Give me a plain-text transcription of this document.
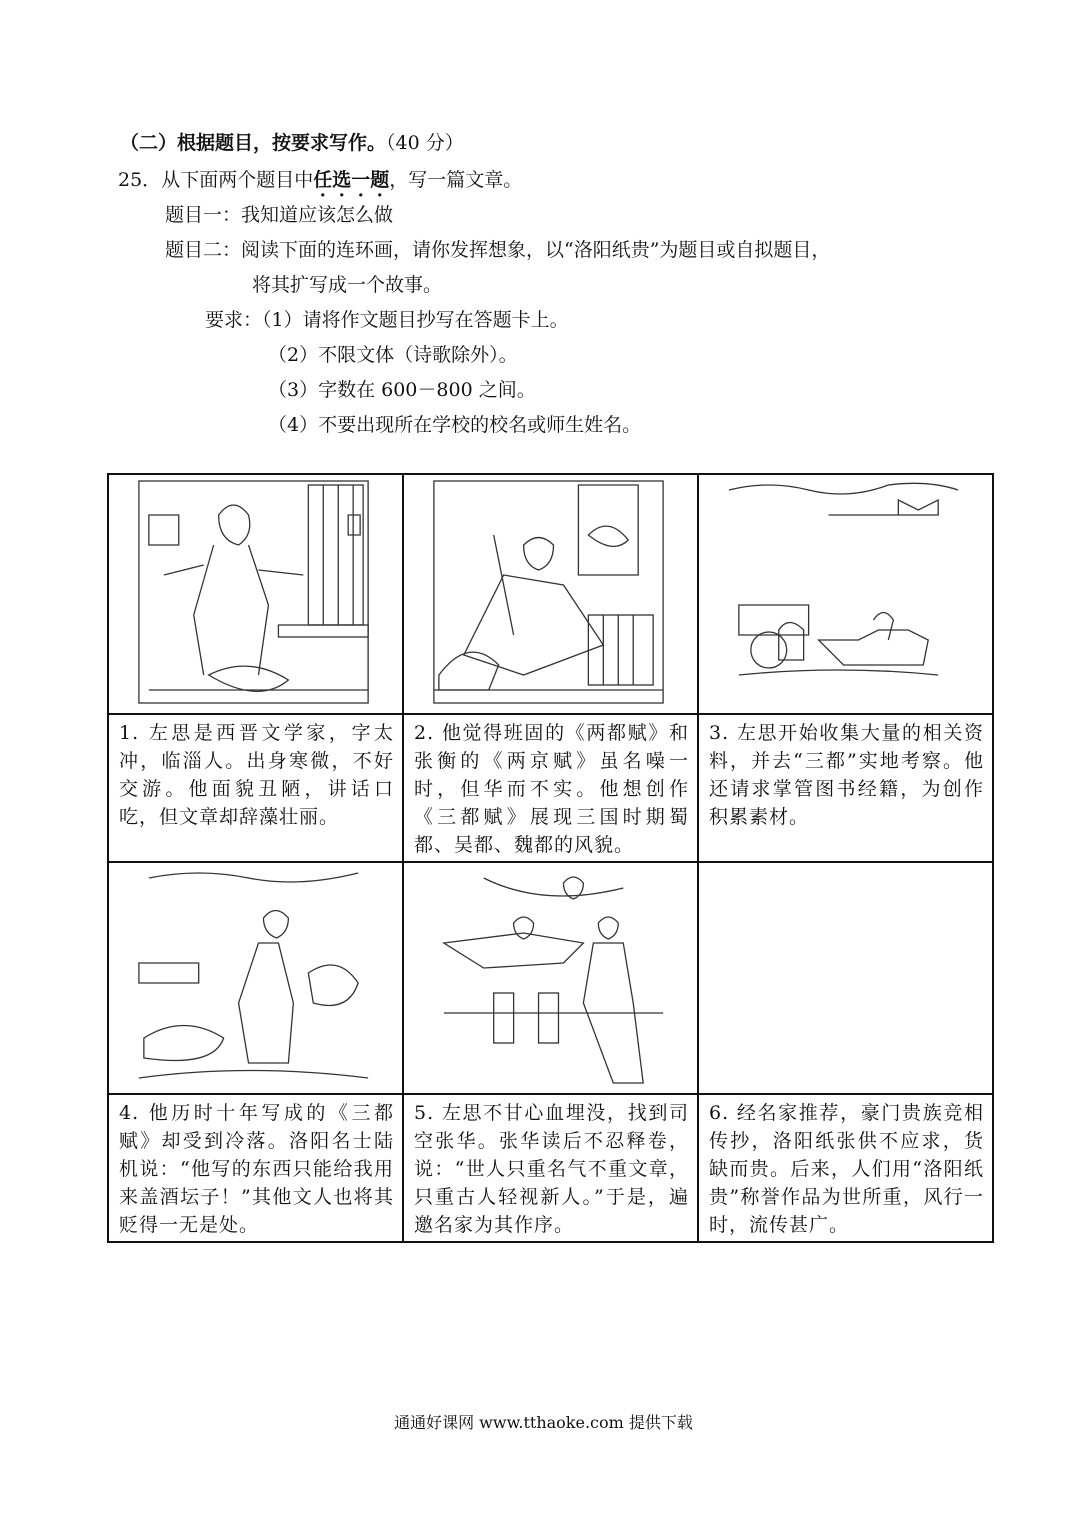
（二）根据题目，按要求写作。（40 分）
25．从下面两个题目中任选一题，写一篇文章。
题目一：我知道应该怎么做
题目二：阅读下面的连环画，请你发挥想象，以“洛阳纸贵”为题目或自拟题目，
将其扩写成一个故事。
要求：（1）请将作文题目抄写在答题卡上。
（2）不限文体（诗歌除外）。
（3）字数在 600－800 之间。
（4）不要出现所在学校的校名或师生姓名。

1. 左思是西晋文学家，字太冲，临淄人。出身寒微，不好交游。他面貌丑陋，讲话口吃，但文章却辞藻壮丽。	2. 他觉得班固的《两都赋》和张衡的《两京赋》虽名噪一时，但华而不实。他想创作《三都赋》展现三国时期蜀都、吴都、魏都的风貌。	3. 左思开始收集大量的相关资料，并去“三都”实地考察。他还请求掌管图书经籍，为创作积累素材。

4. 他历时十年写成的《三都赋》却受到冷落。洛阳名士陆机说：“他写的东西只能给我用来盖酒坛子！”其他文人也将其贬得一无是处。	5. 左思不甘心血埋没，找到司空张华。张华读后不忍释卷，说：“世人只重名气不重文章，只重古人轻视新人。”于是，遍邀名家为其作序。	6. 经名家推荐，豪门贵族竞相传抄，洛阳纸张供不应求，货缺而贵。后来，人们用“洛阳纸贵”称誉作品为世所重，风行一时，流传甚广。
通通好课网 www.tthaoke.com 提供下载
